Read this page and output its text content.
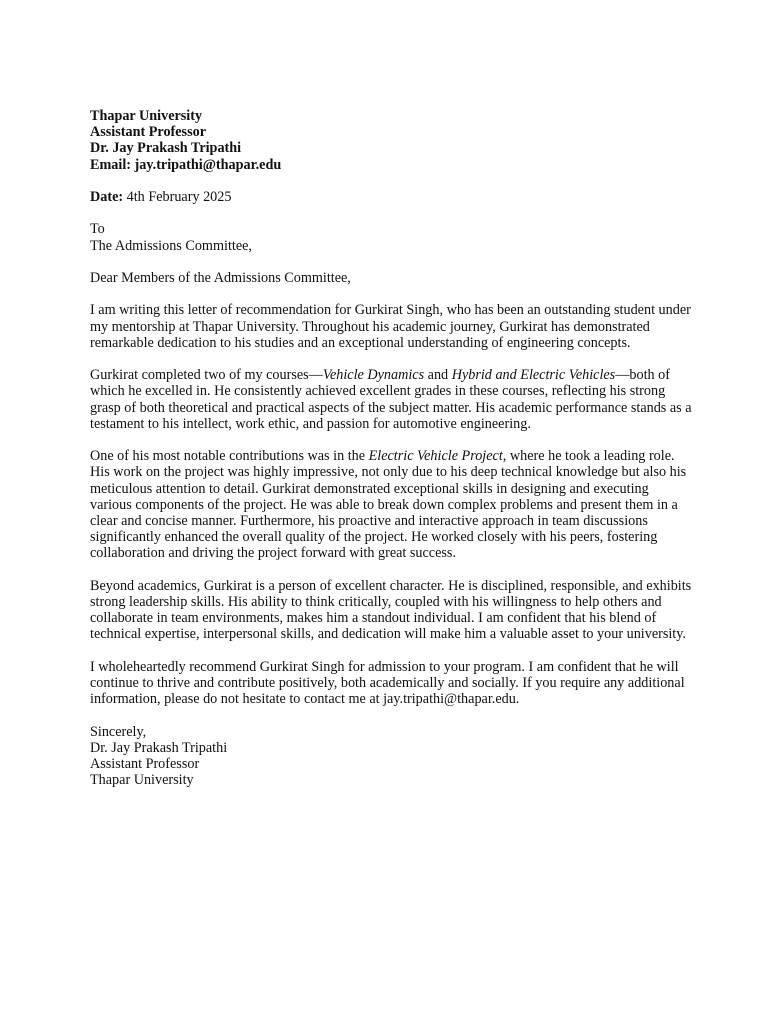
Thapar University
Assistant Professor
Dr. Jay Prakash Tripathi
Email: jay.tripathi@thapar.edu
Date: 4th February 2025
To
The Admissions Committee,
Dear Members of the Admissions Committee,
I am writing this letter of recommendation for Gurkirat Singh, who has been an outstanding student under
my mentorship at Thapar University. Throughout his academic journey, Gurkirat has demonstrated
remarkable dedication to his studies and an exceptional understanding of engineering concepts.
Gurkirat completed two of my courses—Vehicle Dynamics and Hybrid and Electric Vehicles—both of
which he excelled in. He consistently achieved excellent grades in these courses, reflecting his strong
grasp of both theoretical and practical aspects of the subject matter. His academic performance stands as a
testament to his intellect, work ethic, and passion for automotive engineering.
One of his most notable contributions was in the Electric Vehicle Project, where he took a leading role.
His work on the project was highly impressive, not only due to his deep technical knowledge but also his
meticulous attention to detail. Gurkirat demonstrated exceptional skills in designing and executing
various components of the project. He was able to break down complex problems and present them in a
clear and concise manner. Furthermore, his proactive and interactive approach in team discussions
significantly enhanced the overall quality of the project. He worked closely with his peers, fostering
collaboration and driving the project forward with great success.
Beyond academics, Gurkirat is a person of excellent character. He is disciplined, responsible, and exhibits
strong leadership skills. His ability to think critically, coupled with his willingness to help others and
collaborate in team environments, makes him a standout individual. I am confident that his blend of
technical expertise, interpersonal skills, and dedication will make him a valuable asset to your university.
I wholeheartedly recommend Gurkirat Singh for admission to your program. I am confident that he will
continue to thrive and contribute positively, both academically and socially. If you require any additional
information, please do not hesitate to contact me at jay.tripathi@thapar.edu.
Sincerely,
Dr. Jay Prakash Tripathi
Assistant Professor
Thapar University
